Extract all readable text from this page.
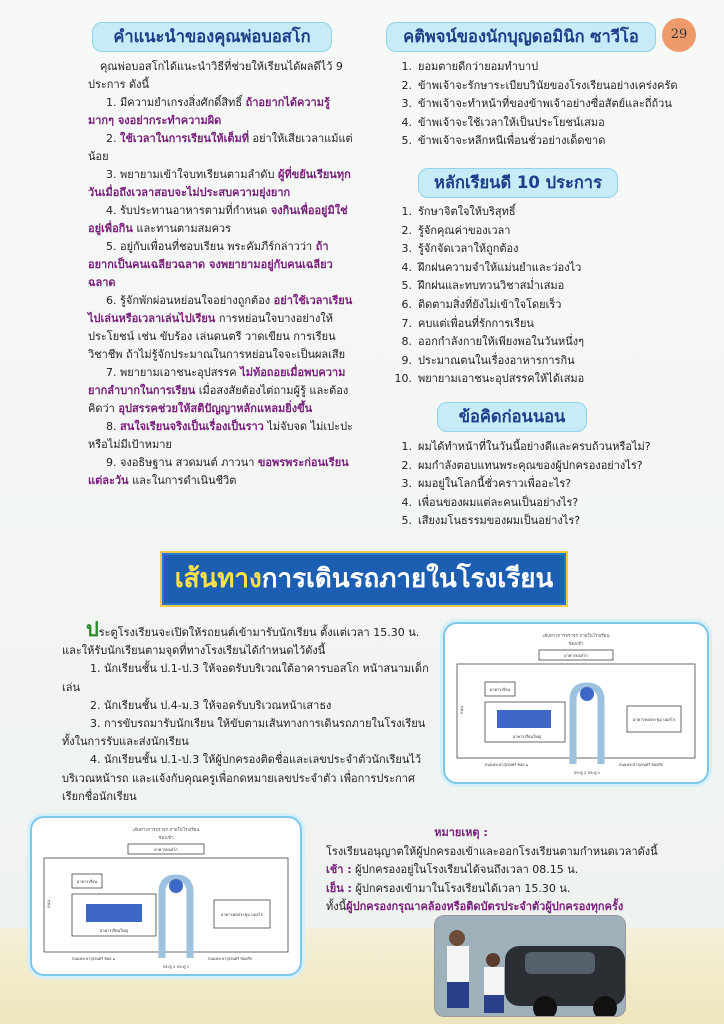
29
คำแนะนำของคุณพ่อบอสโก

คุณพ่อบอสโกได้แนะนำวิธีที่ช่วยให้เรียนได้ผลดีไว้ 9 ประการ ดังนี้

1. มีความยำเกรงสิ่งศักดิ์สิทธิ์ ถ้าอยากได้ความรู้มากๆ จงอย่ากระทำความผิด

2. ใช้เวลาในการเรียนให้เต็มที่ อย่าให้เสียเวลาแม้แต่น้อย

3. พยายามเข้าใจบทเรียนตามลำดับ ผู้ที่ขยันเรียนทุกวันเมื่อถึงเวลาสอบจะไม่ประสบความยุ่งยาก

4. รับประทานอาหารตามที่กำหนด จงกินเพื่ออยู่มิใช่อยู่เพื่อกิน และทานตามสมควร

5. อยู่กับเพื่อนที่ชอบเรียน พระคัมภีร์กล่าวว่า ถ้าอยากเป็นคนเฉลียวฉลาด จงพยายามอยู่กับคนเฉลียวฉลาด

6. รู้จักพักผ่อนหย่อนใจอย่างถูกต้อง อย่าใช้เวลาเรียนไปเล่นหรือเวลาเล่นไปเรียน การหย่อนใจบางอย่างให้ประโยชน์ เช่น ขับร้อง เล่นดนตรี วาดเขียน การเรียนวิชาชีพ ถ้าไม่รู้จักประมาณในการหย่อนใจจะเป็นผลเสีย

7. พยายามเอาชนะอุปสรรค ไม่ท้อถอยเมื่อพบความยากลำบากในการเรียน เมื่อสงสัยต้องไต่ถามผู้รู้ และต้องคิดว่า อุปสรรคช่วยให้สติปัญญาหลักแหลมยิ่งขึ้น

8. สนใจเรียนจริงเป็นเรื่องเป็นราว ไม่จับจด ไม่เปะปะ หรือไม่มีเป้าหมาย

9. จงอธิษฐาน สวดมนต์ ภาวนา ขอพรพระก่อนเรียนแต่ละวัน และในการดำเนินชีวิต

คติพจน์ของนักบุญดอมินิก ซาวีโอ
1. ยอมตายดีกว่ายอมทำบาป
2. ข้าพเจ้าจะรักษาระเบียบวินัยของโรงเรียนอย่างเคร่งครัด
3. ข้าพเจ้าจะทำหน้าที่ของข้าพเจ้าอย่างซื่อสัตย์และถี่ถ้วน
4. ข้าพเจ้าจะใช้เวลาให้เป็นประโยชน์เสมอ
5. ข้าพเจ้าจะหลีกหนีเพื่อนชั่วอย่างเด็ดขาด
หลักเรียนดี 10 ประการ
1. รักษาจิตใจให้บริสุทธิ์
2. รู้จักคุณค่าของเวลา
3. รู้จักจัดเวลาให้ถูกต้อง
4. ฝึกฝนความจำให้แม่นยำและว่องไว
5. ฝึกฝนและทบทวนวิชาสม่ำเสมอ
6. ติดตามสิ่งที่ยังไม่เข้าใจโดยเร็ว
7. คบแต่เพื่อนที่รักการเรียน
8. ออกกำลังกายให้เพียงพอในวันหนึ่งๆ
9. ประมาณตนในเรื่องอาหารการกิน
10. พยายามเอาชนะอุปสรรคให้ได้เสมอ
ข้อคิดก่อนนอน
1. ผมได้ทำหน้าที่ในวันนี้อย่างดีและครบถ้วนหรือไม่?
2. ผมกำลังตอบแทนพระคุณของผู้ปกครองอย่างไร?
3. ผมอยู่ในโลกนี้ชั่วคราวเพื่ออะไร?
4. เพื่อนของผมแต่ละคนเป็นอย่างไร?
5. เสียงมโนธรรมของผมเป็นอย่างไร?
เส้นทางการเดินรถภายในโรงเรียน

ประตูโรงเรียนจะเปิดให้รถยนต์เข้ามารับนักเรียน ตั้งแต่เวลา 15.30 น. และให้รับนักเรียนตามจุดที่ทางโรงเรียนได้กำหนดไว้ดังนี้

1. นักเรียนชั้น ป.1-ป.3 ให้จอดรับบริเวณใต้อาคารบอสโก หน้าสนามเด็กเล่น

2. นักเรียนชั้น ป.4-ม.3 ให้จอดรับบริเวณหน้าเสาธง

3. การขับรถมารับนักเรียน ให้ขับตามเส้นทางการเดินรถภายในโรงเรียนทั้งในการรับและส่งนักเรียน

4. นักเรียนชั้น ป.1-ป.3 ให้ผู้ปกครองติดชื่อและเลขประจำตัวนักเรียนไว้บริเวณหน้ารถ และแจ้งกับคุณครูเพื่อกดหมายเลขประจำตัว เพื่อการประกาศเรียกชื่อนักเรียน

เส้นทางการจราจร ภายในโรงเรียน
ช่องเข้า
อาคารบอสโก
อาคารเรียน
อาคารเรียนใหญ่
อาคารหอประชุม บอสโก
ถนน
ถนนพระยาสุเรนทร์ ซอย ๑	ถนนพระยาสุเรนทร์ ซอยกิจ
ประตู 2 ประตู 1

หมายเหตุ :

โรงเรียนอนุญาตให้ผู้ปกครองเข้าและออกโรงเรียนตามกำหนดเวลาดังนี้

เช้า : ผู้ปกครองอยู่ในโรงเรียนได้จนถึงเวลา 08.15 น.

เย็น : ผู้ปกครองเข้ามาในโรงเรียนได้เวลา 15.30 น.

ทั้งนี้ผู้ปกครองกรุณาคล้องหรือติดบัตรประจำตัวผู้ปกครองทุกครั้ง

เส้นทางการจราจร ภายในโรงเรียน
ช่องเข้า
อาคารบอสโก
อาคารเรียน
อาคารเรียนใหญ่
อาคารหอประชุม บอสโก
ถนน
ถนนพระยาสุเรนทร์ ซอย ๑	ถนนพระยาสุเรนทร์ ซอยกิจ
ประตู 2 ประตู 1
